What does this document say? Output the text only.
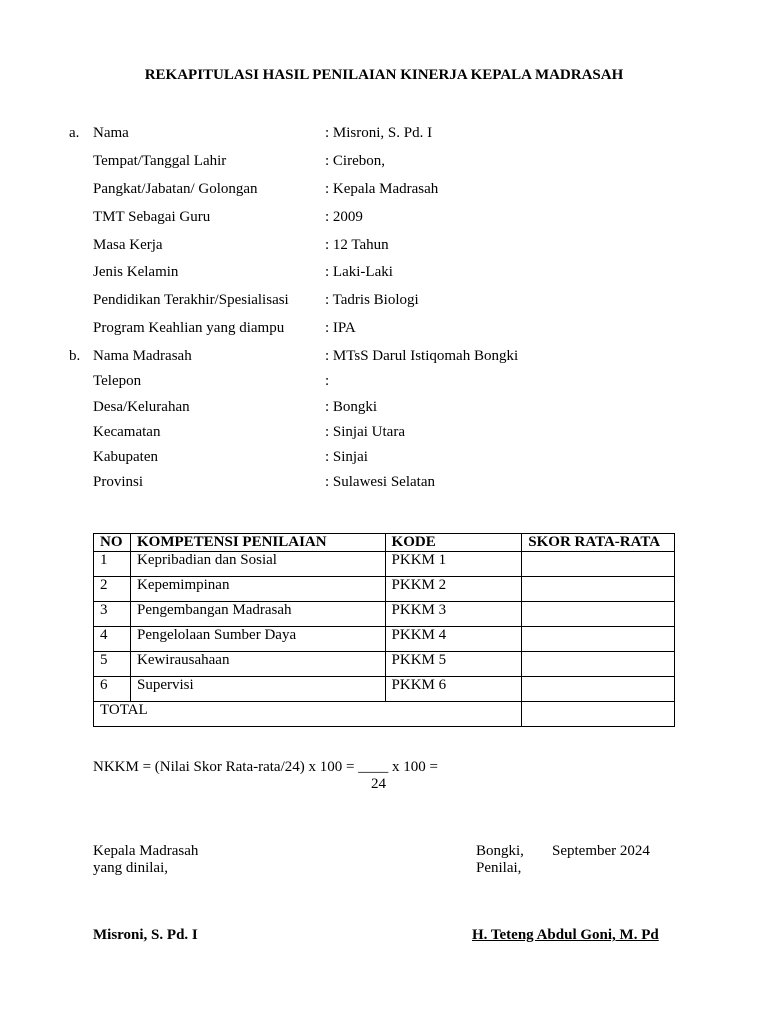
REKAPITULASI HASIL PENILAIAN KINERJA KEPALA MADRASAH
a. Nama	: Misroni, S. Pd. I
Tempat/Tanggal Lahir	: Cirebon,
Pangkat/Jabatan/ Golongan	: Kepala Madrasah
TMT Sebagai Guru	: 2009
Masa Kerja	: 12 Tahun
Jenis Kelamin	: Laki-Laki
Pendidikan Terakhir/Spesialisasi : Tadris Biologi
Program Keahlian yang diampu	: IPA
b. Nama Madrasah	: MTsS Darul Istiqomah Bongki
Telepon	:
Desa/Kelurahan	: Bongki
Kecamatan	: Sinjai Utara
Kabupaten	: Sinjai
Provinsi	: Sulawesi Selatan
NO	KOMPETENSI PENILAIAN	KODE	SKOR RATA-RATA
1	Kepribadian dan Sosial	PKKM 1	
2	Kepemimpinan	PKKM 2	
3	Pengembangan Madrasah	PKKM 3	
4	Pengelolaan Sumber Daya	PKKM 4	
5	Kewirausahaan	PKKM 5	
6	Supervisi	PKKM 6	
TOTAL			
NKKM = (Nilai Skor Rata-rata/24) x 100 = ____ x 100 =
24
Kepala Madrasah
yang dinilai,
Bongki, September 2024
Penilai,
Misroni, S. Pd. I	H. Teteng Abdul Goni, M. Pd
